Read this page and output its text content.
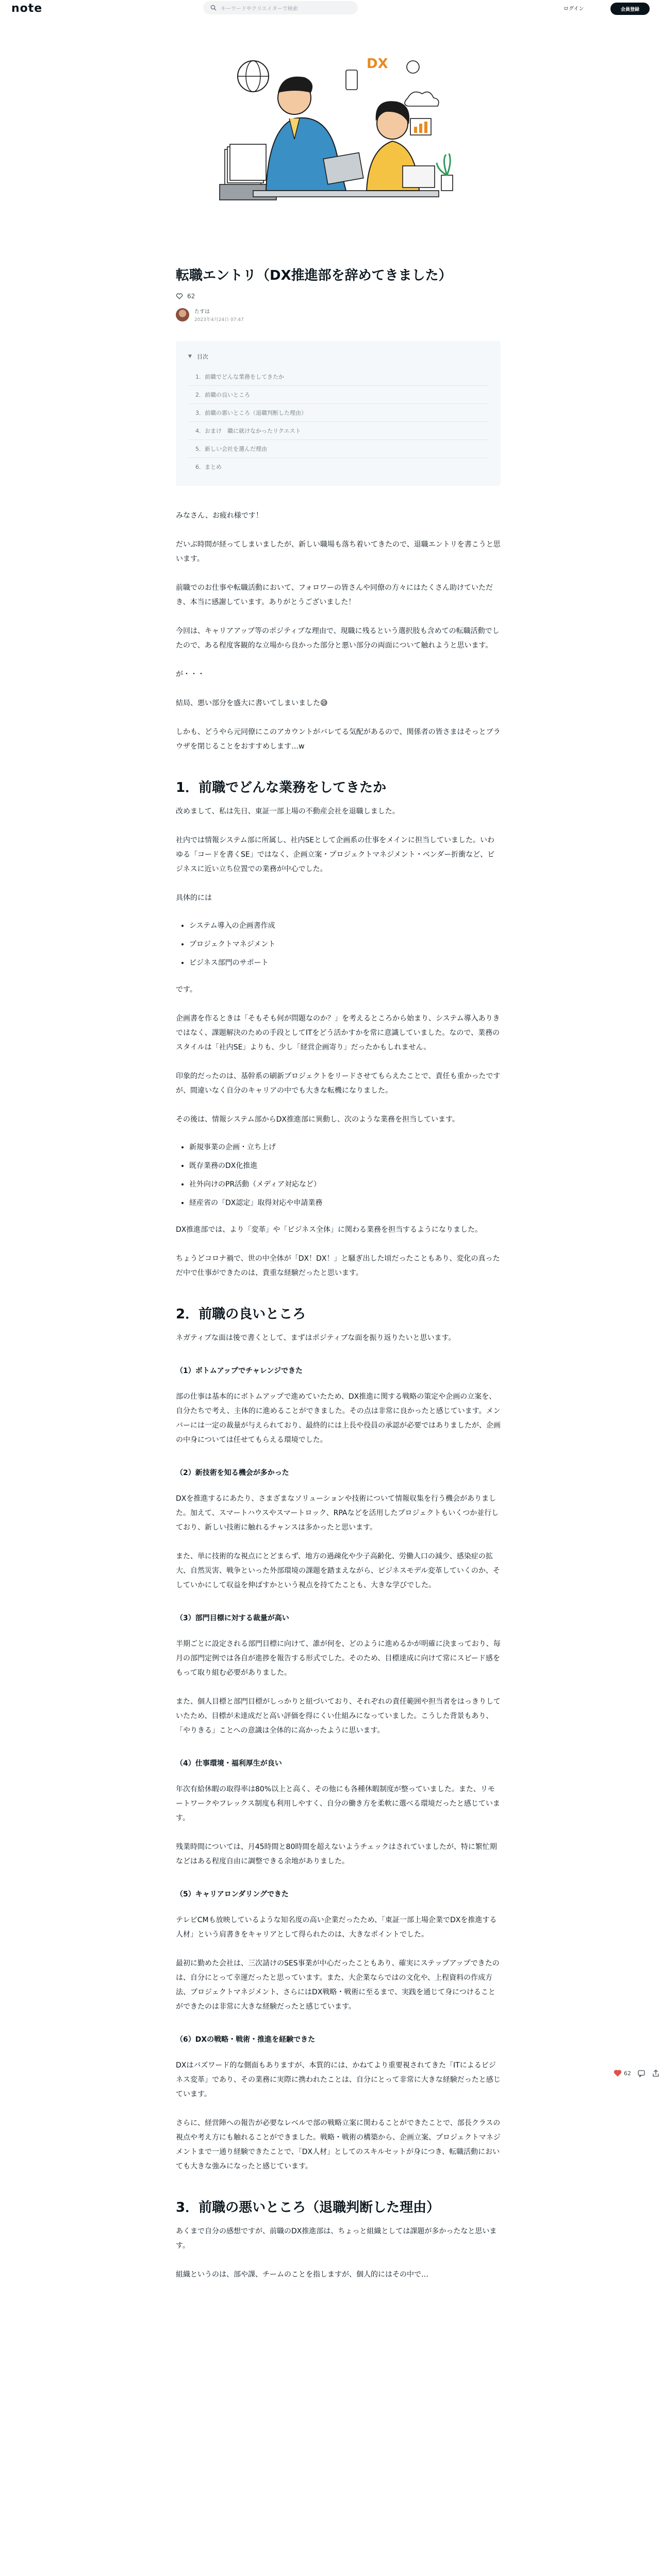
note	キーワードやクリエイターで検索	ログイン	会員登録
DX
転職エントリ（DX推進部を辞めてきました）
62
たすは
2023年4月24日 07:47
▼ 目次
1．前職でどんな業務をしてきたか
2．前職の良いところ
3．前職の悪いところ（退職判断した理由）
4．おまけ　職に就けなかったリクエスト
5．新しい会社を選んだ理由
6．まとめ

みなさん、お疲れ様です！

だいぶ時間が経ってしまいましたが、新しい職場も落ち着いてきたので、退職エントリを書こうと思います。

前職でのお仕事や転職活動において、フォロワーの皆さんや同僚の方々にはたくさん助けていただき、本当に感謝しています。ありがとうございました！

今回は、キャリアアップ等のポジティブな理由で、現職に残るという選択肢も含めての転職活動でしたので、ある程度客観的な立場から良かった部分と悪い部分の両面について触れようと思います。

が・・・

結局、悪い部分を盛大に書いてしまいました😅

しかも、どうやら元同僚にこのアカウントがバレてる気配があるので、関係者の皆さまはそっとブラウザを閉じることをおすすめします…w

1．前職でどんな業務をしてきたか

改めまして、私は先日、東証一部上場の不動産会社を退職しました。

社内では情報システム部に所属し、社内SEとして企画系の仕事をメインに担当していました。いわゆる「コードを書くSE」ではなく、企画立案・プロジェクトマネジメント・ベンダー折衝など、ビジネスに近い立ち位置での業務が中心でした。

具体的には

• システム導入の企画書作成
• プロジェクトマネジメント
• ビジネス部門のサポート

です。

企画書を作るときは「そもそも何が問題なのか？」を考えるところから始まり、システム導入ありきではなく、課題解決のための手段としてITをどう活かすかを常に意識していました。なので、業務のスタイルは「社内SE」よりも、少し「経営企画寄り」だったかもしれません。

印象的だったのは、基幹系の刷新プロジェクトをリードさせてもらえたことで、責任も重かったですが、間違いなく自分のキャリアの中でも大きな転機になりました。

その後は、情報システム部からDX推進部に異動し、次のような業務を担当しています。

• 新規事業の企画・立ち上げ
• 既存業務のDX化推進
• 社外向けのPR活動（メディア対応など）
• 経産省の「DX認定」取得対応や申請業務

DX推進部では、より「変革」や「ビジネス全体」に関わる業務を担当するようになりました。

ちょうどコロナ禍で、世の中全体が「DX！DX！」と騒ぎ出した頃だったこともあり、変化の真っただ中で仕事ができたのは、貴重な経験だったと思います。

2．前職の良いところ

ネガティブな面は後で書くとして、まずはポジティブな面を振り返りたいと思います。

（1）ボトムアップでチャレンジできた

部の仕事は基本的にボトムアップで進めていたため、DX推進に関する戦略の策定や企画の立案を、自分たちで考え、主体的に進めることができました。その点は非常に良かったと感じています。メンバーには一定の裁量が与えられており、最終的には上長や役員の承認が必要ではありましたが、企画の中身については任せてもらえる環境でした。

（2）新技術を知る機会が多かった

DXを推進するにあたり、さまざまなソリューションや技術について情報収集を行う機会がありました。加えて、スマートハウスやスマートロック、RPAなどを活用したプロジェクトもいくつか並行しており、新しい技術に触れるチャンスは多かったと思います。

また、単に技術的な視点にとどまらず、地方の過疎化や少子高齢化、労働人口の減少、感染症の拡大、自然災害、戦争といった外部環境の課題を踏まえながら、ビジネスモデル変革していくのか、そしていかにして収益を伸ばすかという視点を持てたことも、大きな学びでした。

（3）部門目標に対する裁量が高い

半期ごとに設定される部門目標に向けて、誰が何を、どのように進めるかが明確に決まっており、毎月の部門定例では各自が進捗を報告する形式でした。そのため、目標達成に向けて常にスピード感をもって取り組む必要がありました。

また、個人目標と部門目標がしっかりと紐づいており、それぞれの責任範囲や担当者をはっきりしていたため、目標が未達成だと高い評価を得にくい仕組みになっていました。こうした背景もあり、「やりきる」ことへの意識は全体的に高かったように思います。

（4）仕事環境・福利厚生が良い

年次有給休暇の取得率は80%以上と高く、その他にも各種休暇制度が整っていました。また、リモートワークやフレックス制度も利用しやすく、自分の働き方を柔軟に選べる環境だったと感じています。

残業時間については、月45時間と80時間を超えないようチェックはされていましたが、特に繁忙期などはある程度自由に調整できる余地がありました。

（5）キャリアロンダリングできた

テレビCMも放映しているような知名度の高い企業だったため、「東証一部上場企業でDXを推進する人材」という肩書きをキャリアとして得られたのは、大きなポイントでした。

最初に勤めた会社は、三次請けのSES事業が中心だったこともあり、確実にステップアップできたのは、自分にとって幸運だったと思っています。また、大企業ならではの文化や、上程資料の作成方法、プロジェクトマネジメント、さらにはDX戦略・戦術に至るまで、実践を通じて身につけることができたのは非常に大きな経験だったと感じています。

（6）DXの戦略・戦術・推進を経験できた

DXはバズワード的な側面もありますが、本質的には、かねてより重要視されてきた「ITによるビジネス変革」であり、その業務に実際に携われたことは、自分にとって非常に大きな経験だったと感じています。

さらに、経営陣への報告が必要なレベルで部の戦略立案に関わることができたことで、部長クラスの視点や考え方にも触れることができました。戦略・戦術の構築から、企画立案、プロジェクトマネジメントまで一通り経験できたことで、「DX人材」としてのスキルセットが身につき、転職活動においても大きな強みになったと感じています。

3．前職の悪いところ（退職判断した理由）

あくまで自分の感想ですが、前職のDX推進部は、ちょっと組織としては課題が多かったなと思います。

組織というのは、部や課、チームのことを指しますが、個人的にはその中で…

62
